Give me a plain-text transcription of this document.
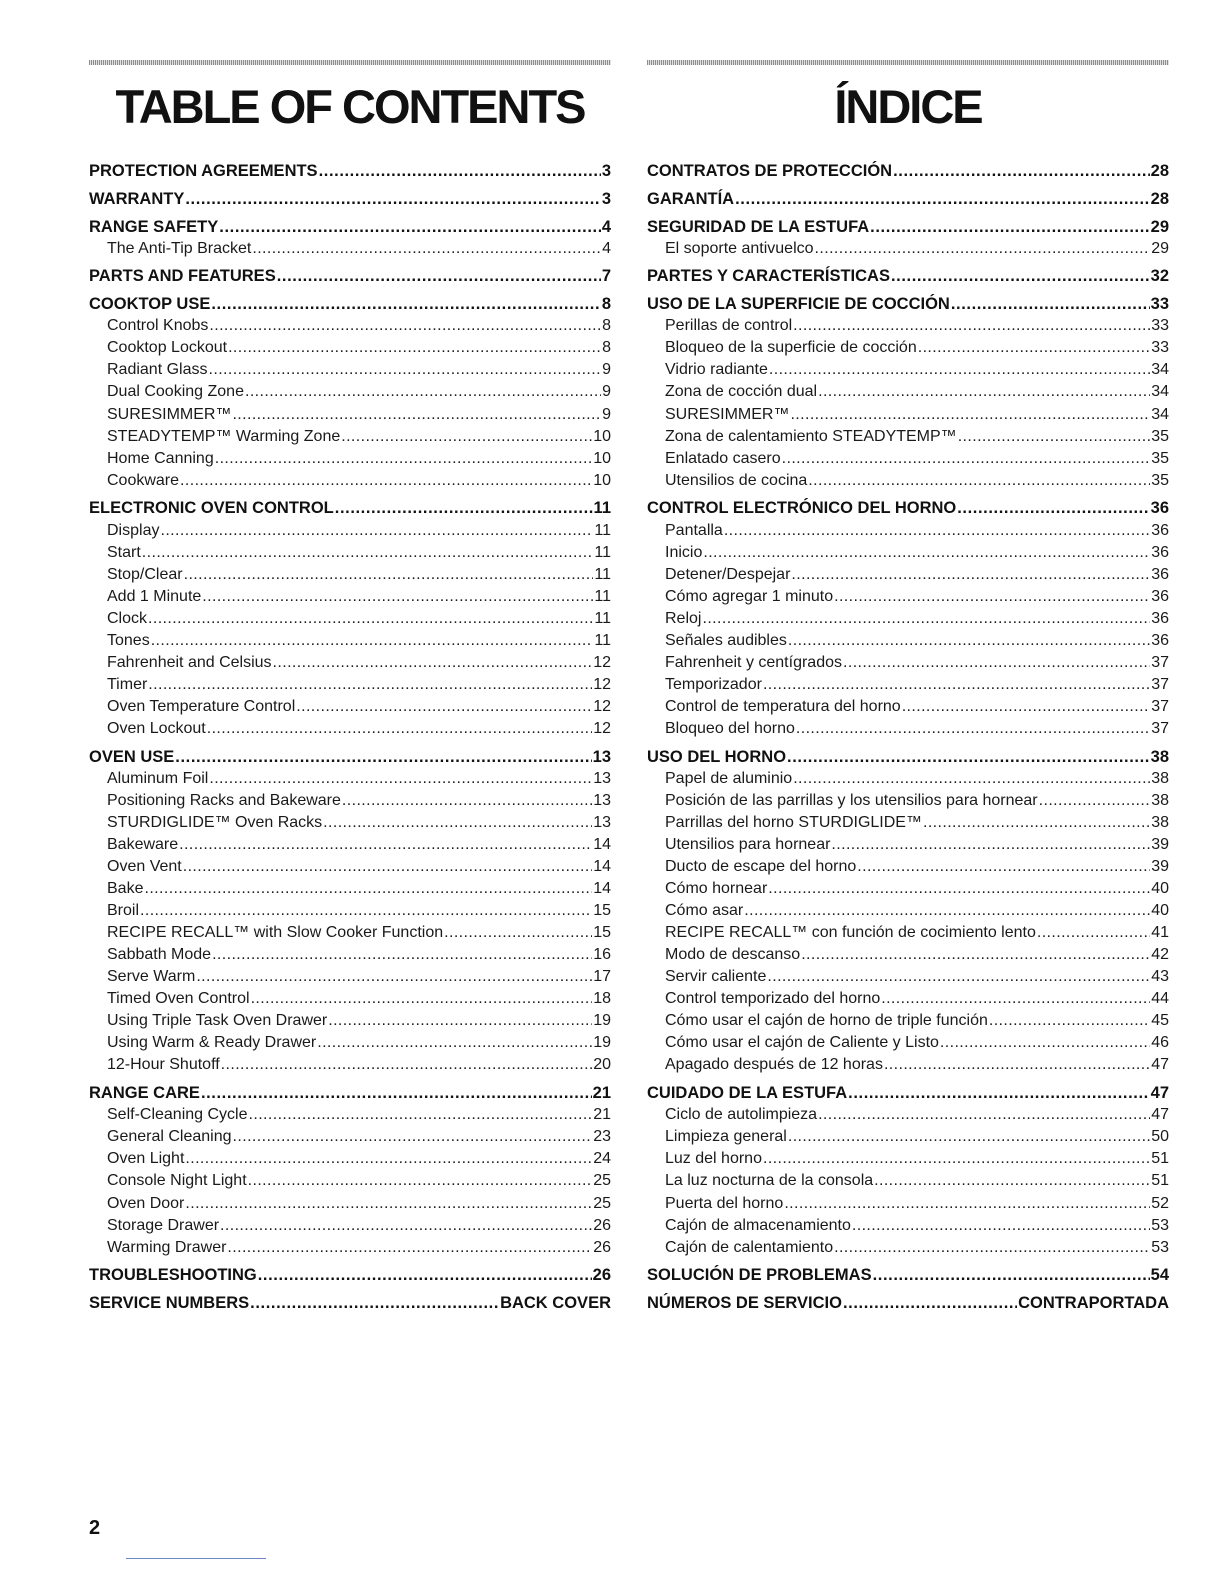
TABLE OF CONTENTS
PROTECTION AGREEMENTS .....	3
WARRANTY .....	3
RANGE SAFETY .....	4
The Anti-Tip Bracket .....	4
PARTS AND FEATURES .....	7
COOKTOP USE .....	8
Control Knobs .....	8
Cooktop Lockout .....	8
Radiant Glass .....	9
Dual Cooking Zone .....	9
SURESIMMER™ .....	9
STEADYTEMP™ Warming Zone .....	10
Home Canning .....	10
Cookware .....	10
ELECTRONIC OVEN CONTROL .....	11
Display .....	11
Start .....	11
Stop/Clear .....	11
Add 1 Minute .....	11
Clock .....	11
Tones .....	11
Fahrenheit and Celsius .....	12
Timer .....	12
Oven Temperature Control .....	12
Oven Lockout .....	12
OVEN USE .....	13
Aluminum Foil .....	13
Positioning Racks and Bakeware .....	13
STURDIGLIDE™ Oven Racks .....	13
Bakeware .....	14
Oven Vent .....	14
Bake .....	14
Broil .....	15
RECIPE RECALL™ with Slow Cooker Function .....	15
Sabbath Mode .....	16
Serve Warm .....	17
Timed Oven Control .....	18
Using Triple Task Oven Drawer .....	19
Using Warm & Ready Drawer .....	19
12-Hour Shutoff .....	20
RANGE CARE .....	21
Self-Cleaning Cycle .....	21
General Cleaning .....	23
Oven Light .....	24
Console Night Light .....	25
Oven Door .....	25
Storage Drawer .....	26
Warming Drawer .....	26
TROUBLESHOOTING .....	26
SERVICE NUMBERS .....	BACK COVER
ÍNDICE
CONTRATOS DE PROTECCIÓN .....	28
GARANTÍA .....	28
SEGURIDAD DE LA ESTUFA .....	29
El soporte antivuelco .....	29
PARTES Y CARACTERÍSTICAS .....	32
USO DE LA SUPERFICIE DE COCCIÓN .....	33
Perillas de control .....	33
Bloqueo de la superficie de cocción .....	33
Vidrio radiante .....	34
Zona de cocción dual .....	34
SURESIMMER™ .....	34
Zona de calentamiento STEADYTEMP™ .....	35
Enlatado casero .....	35
Utensilios de cocina .....	35
CONTROL ELECTRÓNICO DEL HORNO .....	36
Pantalla .....	36
Inicio .....	36
Detener/Despejar .....	36
Cómo agregar 1 minuto .....	36
Reloj .....	36
Señales audibles .....	36
Fahrenheit y centígrados .....	37
Temporizador .....	37
Control de temperatura del horno .....	37
Bloqueo del horno .....	37
USO DEL HORNO .....	38
Papel de aluminio .....	38
Posición de las parrillas y los utensilios para hornear .....	38
Parrillas del horno STURDIGLIDE™ .....	38
Utensilios para hornear .....	39
Ducto de escape del horno .....	39
Cómo hornear .....	40
Cómo asar .....	40
RECIPE RECALL™ con función de cocimiento lento .....	41
Modo de descanso .....	42
Servir caliente .....	43
Control temporizado del horno .....	44
Cómo usar el cajón de horno de triple función .....	45
Cómo usar el cajón de Caliente y Listo .....	46
Apagado después de 12 horas .....	47
CUIDADO DE LA ESTUFA .....	47
Ciclo de autolimpieza .....	47
Limpieza general .....	50
Luz del horno .....	51
La luz nocturna de la consola .....	51
Puerta del horno .....	52
Cajón de almacenamiento .....	53
Cajón de calentamiento .....	53
SOLUCIÓN DE PROBLEMAS .....	54
NÚMEROS DE SERVICIO .....	CONTRAPORTADA
2
